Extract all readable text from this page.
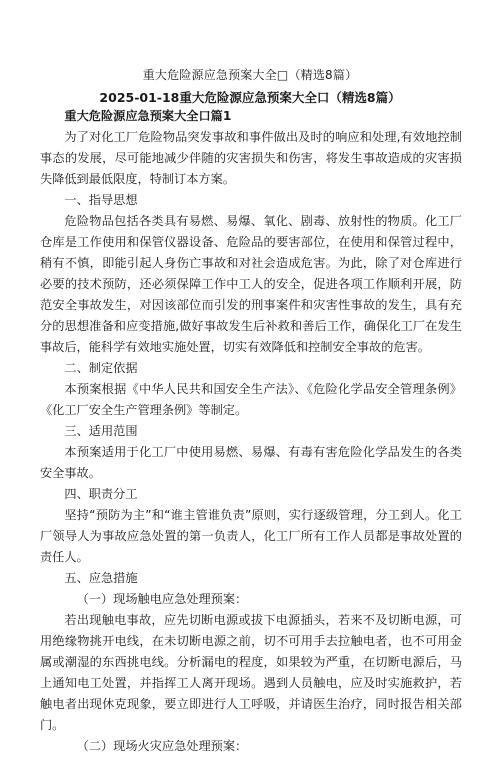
重大危险源应急预案大全□（精选8篇）
2025-01-18重大危险源应急预案大全口（精选8篇）

重大危险源应急预案大全口篇1

为了对化工厂危险物品突发事故和事件做出及时的响应和处理,有效地控制事态的发展，尽可能地减少伴随的灾害损失和伤害，将发生事故造成的灾害损失降低到最低限度，特制订本方案。

一、指导思想

危险物品包括各类具有易燃、易爆、氧化、剧毒、放射性的物质。化工厂仓库是工作使用和保管仪器设备、危险品的要害部位，在使用和保管过程中，稍有不慎，即能引起人身伤亡事故和对社会造成危害。为此，除了对仓库进行必要的技术预防，还必须保障工作中工人的安全，促进各项工作顺利开展，防范安全事故发生，对因该部位而引发的刑事案件和灾害性事故的发生，具有充分的思想准备和应变措施,做好事故发生后补救和善后工作，确保化工厂在发生事故后，能科学有效地实施处置，切实有效降低和控制安全事故的危害。

二、制定依据

本预案根据《中华人民共和国安全生产法》、《危险化学品安全管理条例》《化工厂安全生产管理条例》等制定。

三、适用范围

本预案适用于化工厂中使用易燃、易爆、有毒有害危险化学品发生的各类安全事故。

四、职责分工

坚持“预防为主”和“谁主管谁负责”原则，实行逐级管理，分工到人。化工厂领导人为事故应急处置的第一负责人，化工厂所有工作人员都是事故处置的责任人。

五、应急措施

（一）现场触电应急处理预案：

若出现触电事故，应先切断电源或拔下电源插头，若来不及切断电源，可用绝缘物挑开电线，在未切断电源之前，切不可用手去拉触电者，也不可用金属或潮湿的东西挑电线。分析漏电的程度，如果较为严重，在切断电源后，马上通知电工处置，并指挥工人离开现场。遇到人员触电，应及时实施救护，若触电者出现休克现象，要立即进行人工呼吸，并请医生治疗，同时报告相关部门。

（二）现场火灾应急处理预案：
